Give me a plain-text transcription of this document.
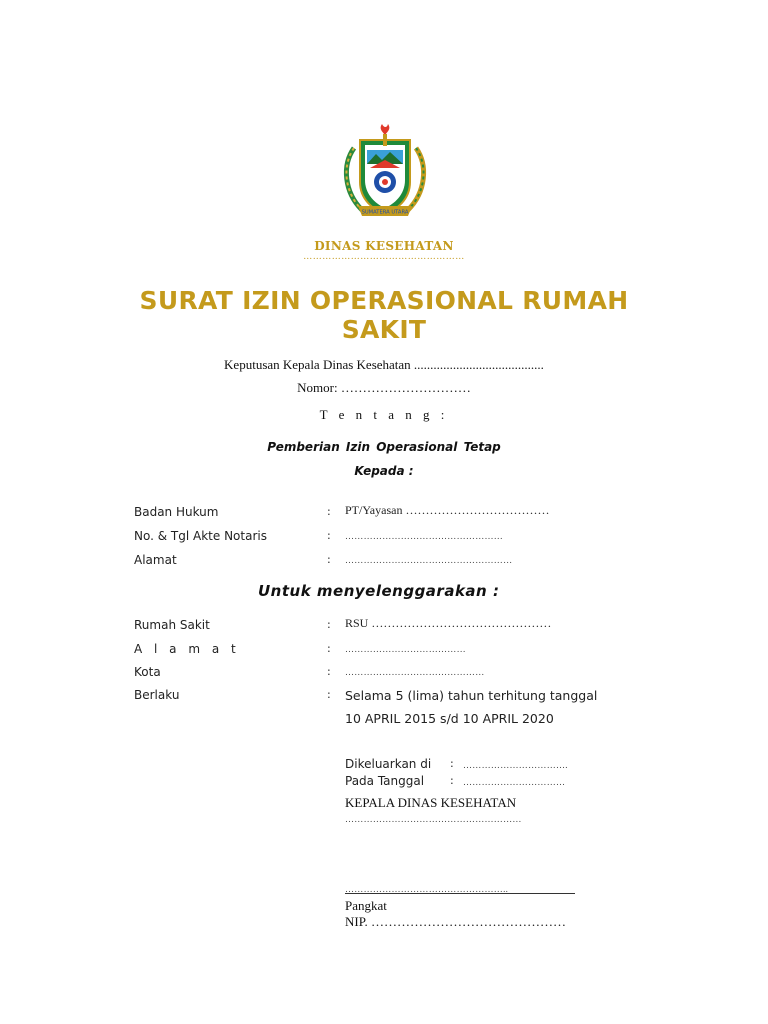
SUMATERA UTARA
DINAS KESEHATAN
……………………………………………
SURAT IZIN OPERASIONAL RUMAH
SAKIT
Keputusan Kepala Dinas Kesehatan ........................................
Nomor: …………………………
T e n t a n g :
Pemberian Izin Operasional Tetap
Kepada :
Badan Hukum	: PT/Yayasan ………………………………
No. & Tgl Akte Notaris	: ……………………………………………
Alamat	: ………………………………………………
Untuk menyelenggarakan :
Rumah Sakit	: RSU ………………………………………
A l a m a t	: …………………………………
Kota	: ………………………………………
Berlaku	: Selama 5 (lima) tahun terhitung tanggal
10 APRIL 2015 s/d 10 APRIL 2020
Dikeluarkan di : …………………………….
Pada Tanggal : ……………………………
KEPALA DINAS KESEHATAN
…………………………………………………
……………………………………………..
Pangkat
NIP. ………………………………………
